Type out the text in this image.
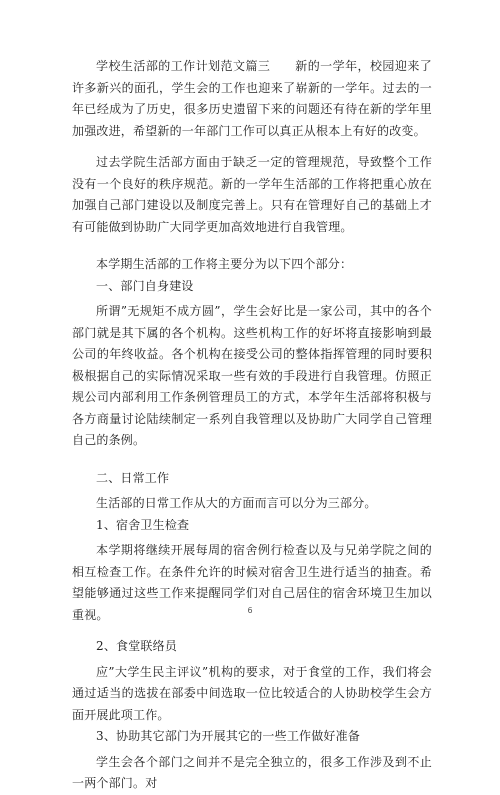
学校生活部的工作计划范文篇三　　新的一学年，校园迎来了许多新兴的面孔，学生会的工作也迎来了崭新的一学年。过去的一年已经成为了历史，很多历史遗留下来的问题还有待在新的学年里加强改进，希望新的一年部门工作可以真正从根本上有好的改变。

过去学院生活部方面由于缺乏一定的管理规范，导致整个工作没有一个良好的秩序规范。新的一学年生活部的工作将把重心放在加强自己部门建设以及制度完善上。只有在管理好自己的基础上才有可能做到协助广大同学更加高效地进行自我管理。

本学期生活部的工作将主要分为以下四个部分：

一、部门自身建设

所谓”无规矩不成方圆”，学生会好比是一家公司，其中的各个部门就是其下属的各个机构。这些机构工作的好坏将直接影响到最公司的年终收益。各个机构在接受公司的整体指挥管理的同时要积极根据自己的实际情况采取一些有效的手段进行自我管理。仿照正规公司内部利用工作条例管理员工的方式，本学年生活部将积极与各方商量讨论陆续制定一系列自我管理以及协助广大同学自己管理自己的条例。

二、日常工作

生活部的日常工作从大的方面而言可以分为三部分。

1、宿舍卫生检查

本学期将继续开展每周的宿舍例行检查以及与兄弟学院之间的相互检查工作。在条件允许的时候对宿舍卫生进行适当的抽查。希望能够通过这些工作来提醒同学们对自己居住的宿舍环境卫生加以重视。

2、食堂联络员

应”大学生民主评议”机构的要求，对于食堂的工作，我们将会通过适当的选拔在部委中间选取一位比较适合的人协助校学生会方面开展此项工作。

3、协助其它部门为开展其它的一些工作做好准备

学生会各个部门之间并不是完全独立的，很多工作涉及到不止一两个部门。对

6
